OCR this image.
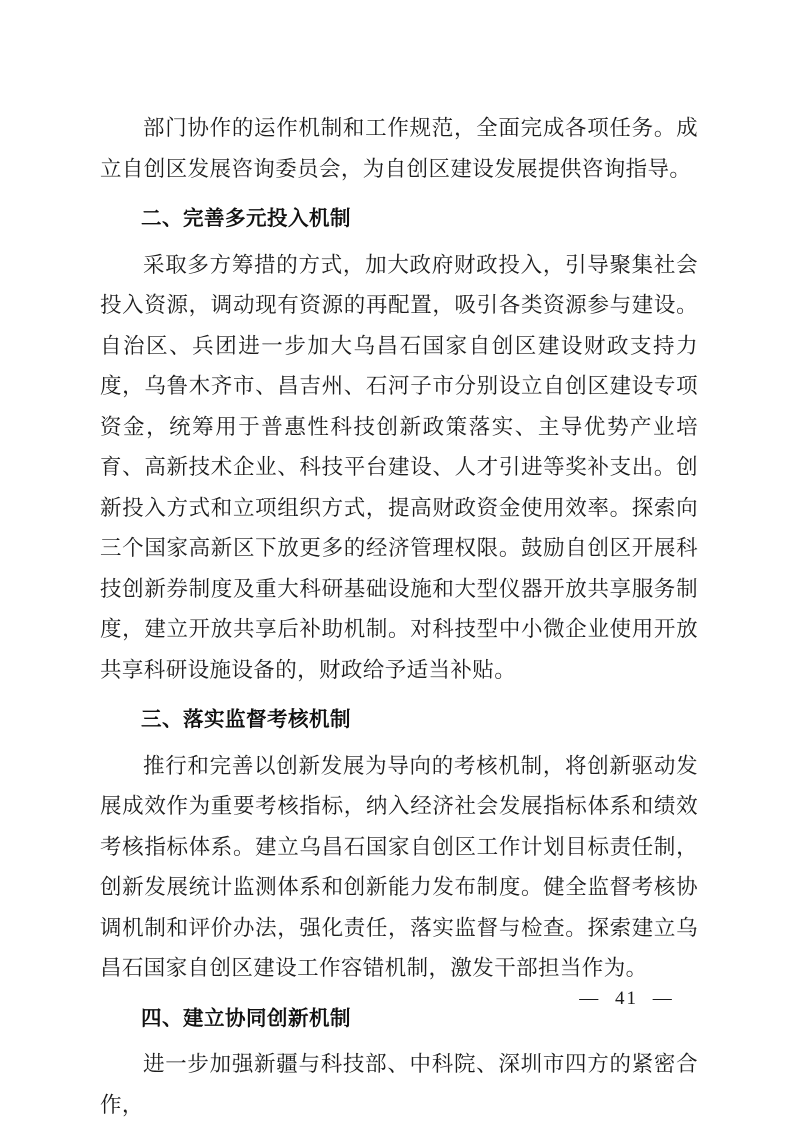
部门协作的运作机制和工作规范，全面完成各项任务。成立自创区发展咨询委员会，为自创区建设发展提供咨询指导。

二、完善多元投入机制

采取多方筹措的方式，加大政府财政投入，引导聚集社会投入资源，调动现有资源的再配置，吸引各类资源参与建设。自治区、兵团进一步加大乌昌石国家自创区建设财政支持力度，乌鲁木齐市、昌吉州、石河子市分别设立自创区建设专项资金，统筹用于普惠性科技创新政策落实、主导优势产业培育、高新技术企业、科技平台建设、人才引进等奖补支出。创新投入方式和立项组织方式，提高财政资金使用效率。探索向三个国家高新区下放更多的经济管理权限。鼓励自创区开展科技创新券制度及重大科研基础设施和大型仪器开放共享服务制度，建立开放共享后补助机制。对科技型中小微企业使用开放共享科研设施设备的，财政给予适当补贴。

三、落实监督考核机制

推行和完善以创新发展为导向的考核机制，将创新驱动发展成效作为重要考核指标，纳入经济社会发展指标体系和绩效考核指标体系。建立乌昌石国家自创区工作计划目标责任制，创新发展统计监测体系和创新能力发布制度。健全监督考核协调机制和评价办法，强化责任，落实监督与检查。探索建立乌昌石国家自创区建设工作容错机制，激发干部担当作为。

四、建立协同创新机制

进一步加强新疆与科技部、中科院、深圳市四方的紧密合作，

— 41 —
